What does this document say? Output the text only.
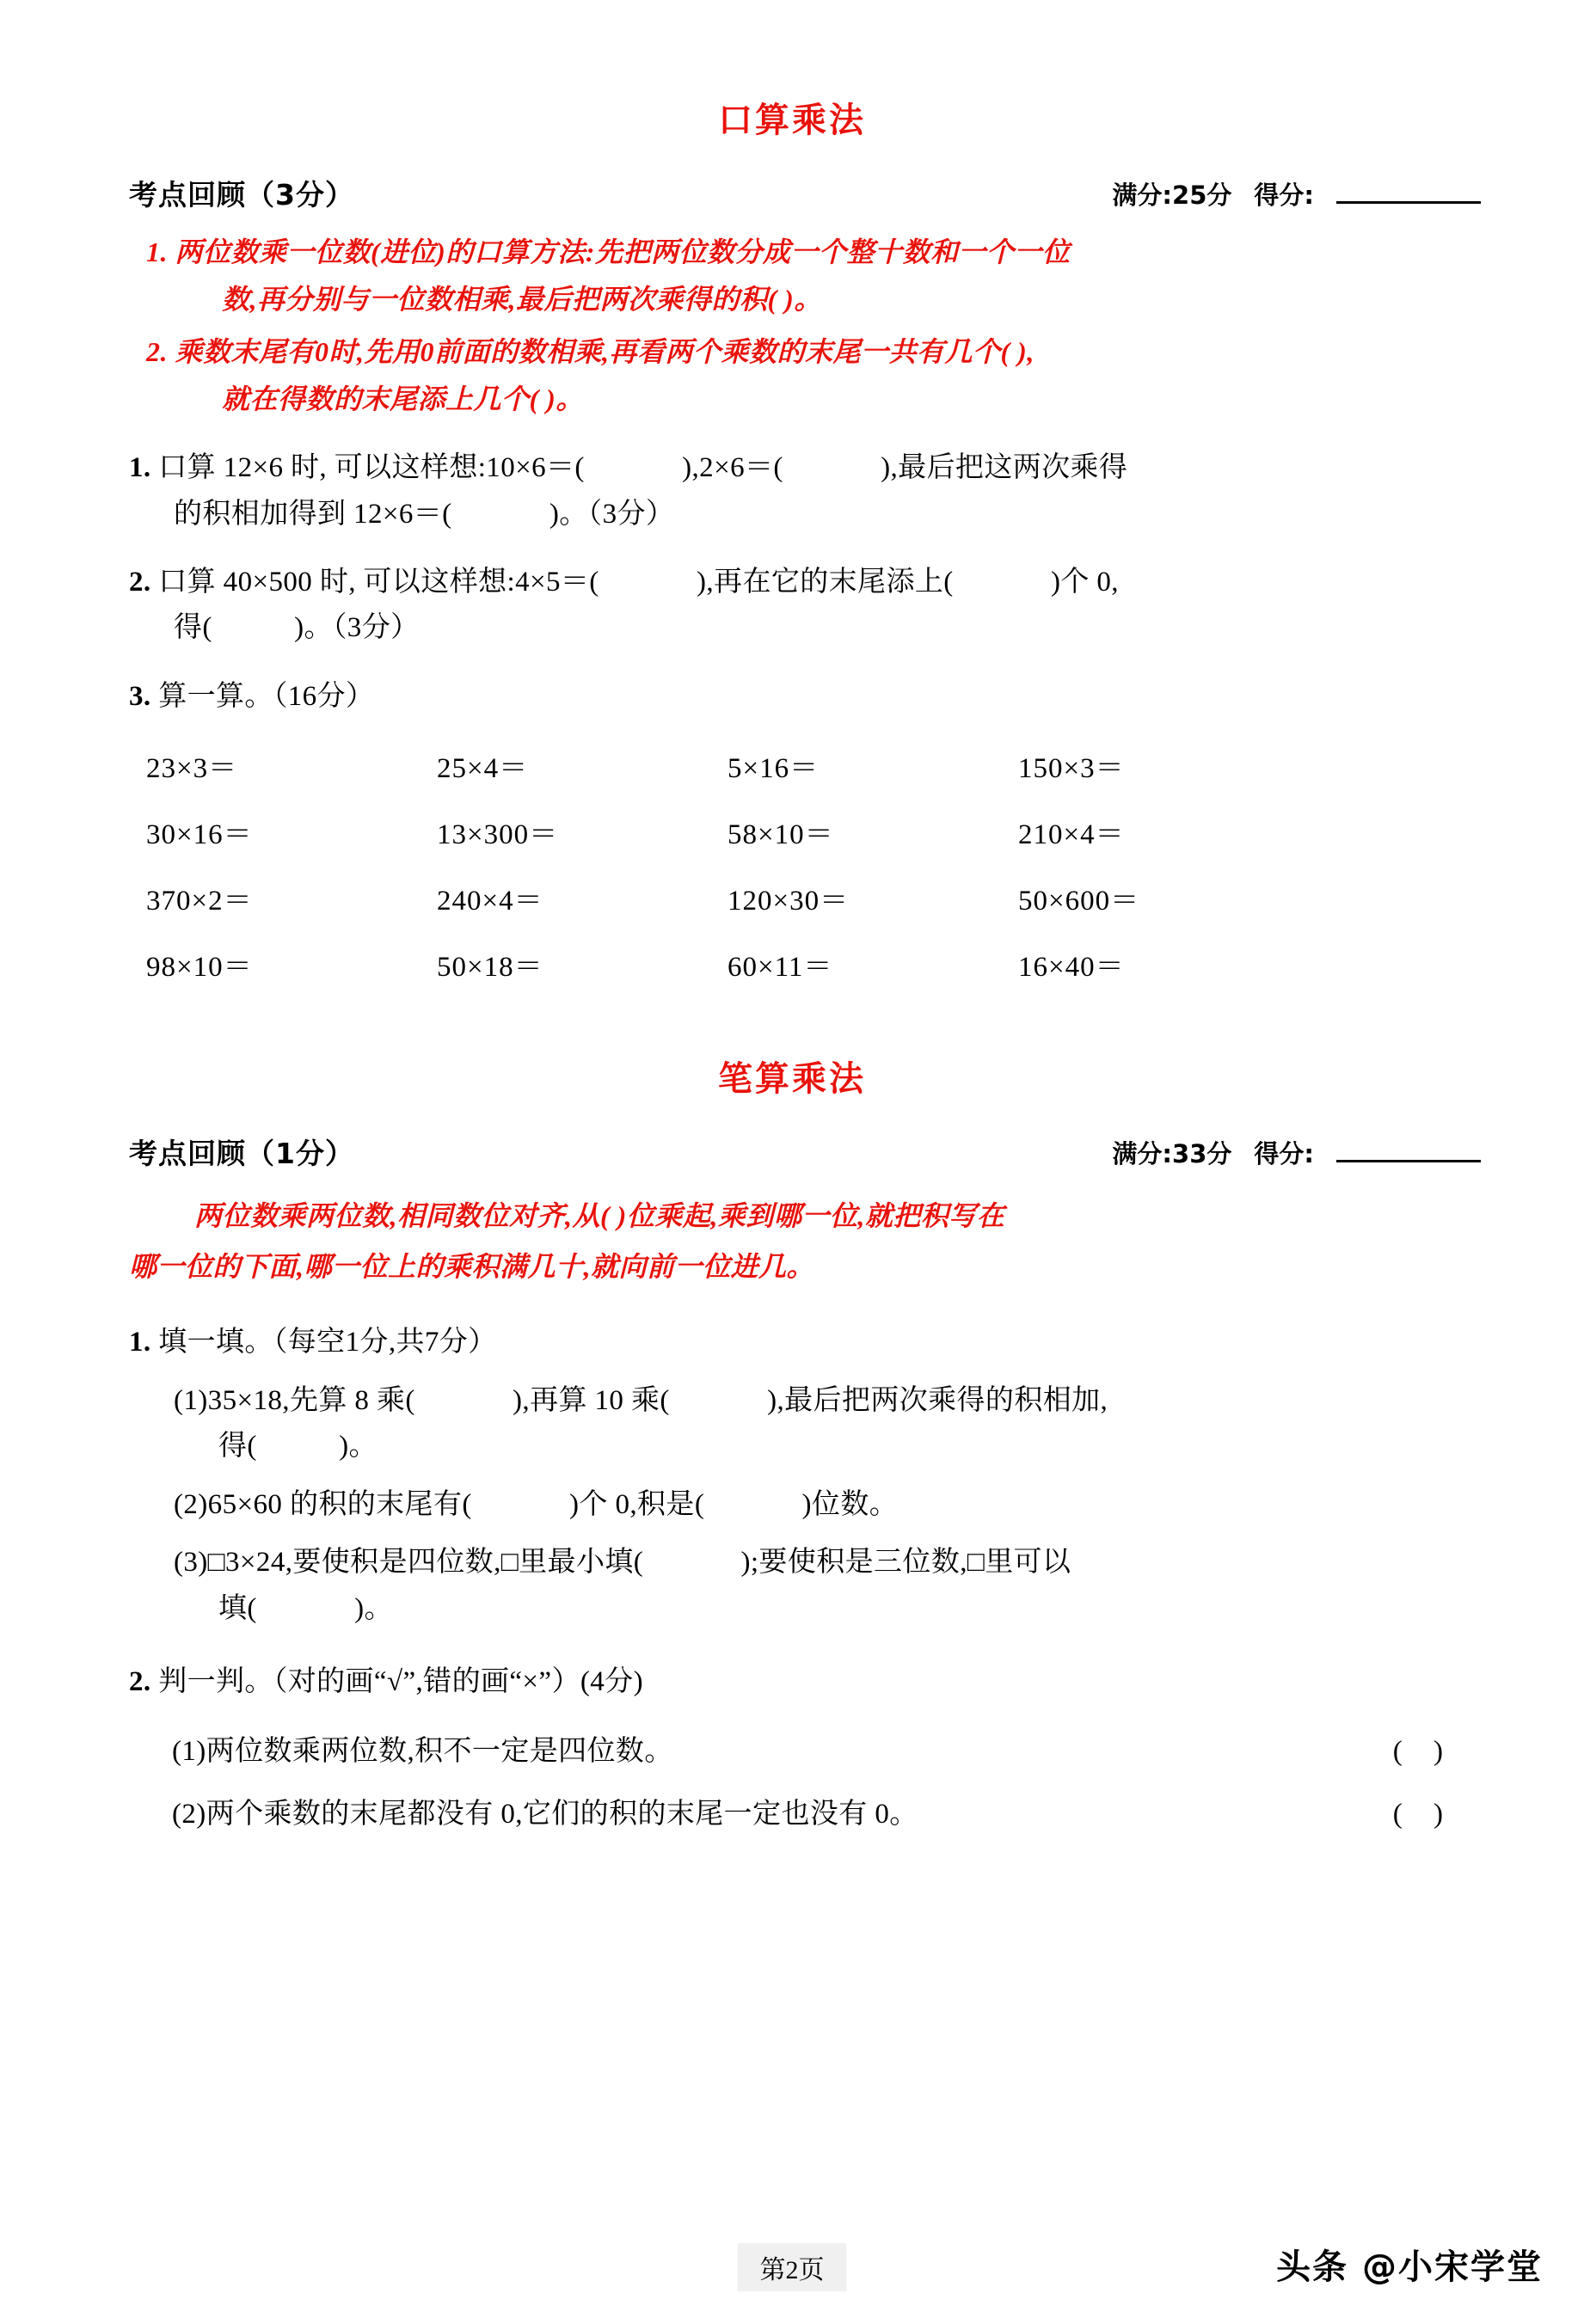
口算乘法
考点回顾（3分）	满分:25分 得分:
1. 两位数乘一位数(进位)的口算方法:先把两位数分成一个整十数和一个一位
数,再分别与一位数相乘,最后把两次乘得的积( )。
2. 乘数末尾有0时,先用0前面的数相乘,再看两个乘数的末尾一共有几个( ),
就在得数的末尾添上几个( )。
1. 口算 12×6 时, 可以这样想:10×6＝(	),2×6＝(	),最后把这两次乘得
的积相加得到 12×6＝(	)。（3分）
2. 口算 40×500 时, 可以这样想:4×5＝(	),再在它的末尾添上(	)个 0,
得(	)。（3分）
3. 算一算。（16分）
23×3＝	25×4＝	5×16＝	150×3＝
30×16＝	13×300＝	58×10＝	210×4＝
370×2＝	240×4＝	120×30＝	50×600＝
98×10＝	50×18＝	60×11＝	16×40＝
笔算乘法
考点回顾（1分）	满分:33分 得分:

两位数乘两位数,相同数位对齐,从( )位乘起,乘到哪一位,就把积写在

哪一位的下面,哪一位上的乘积满几十,就向前一位进几。

1. 填一填。（每空1分,共7分）
(1)35×18,先算 8 乘(	),再算 10 乘(	),最后把两次乘得的积相加,
得(	)。
(2)65×60 的积的末尾有(	)个 0,积是(	)位数。
(3)□3×24,要使积是四位数,□里最小填(	);要使积是三位数,□里可以
填(	)。
2. 判一判。（对的画“√”,错的画“×”）(4分)
(1)两位数乘两位数,积不一定是四位数。	( )
(2)两个乘数的末尾都没有 0,它们的积的末尾一定也没有 0。	( )
第2页	头条 @小宋学堂
